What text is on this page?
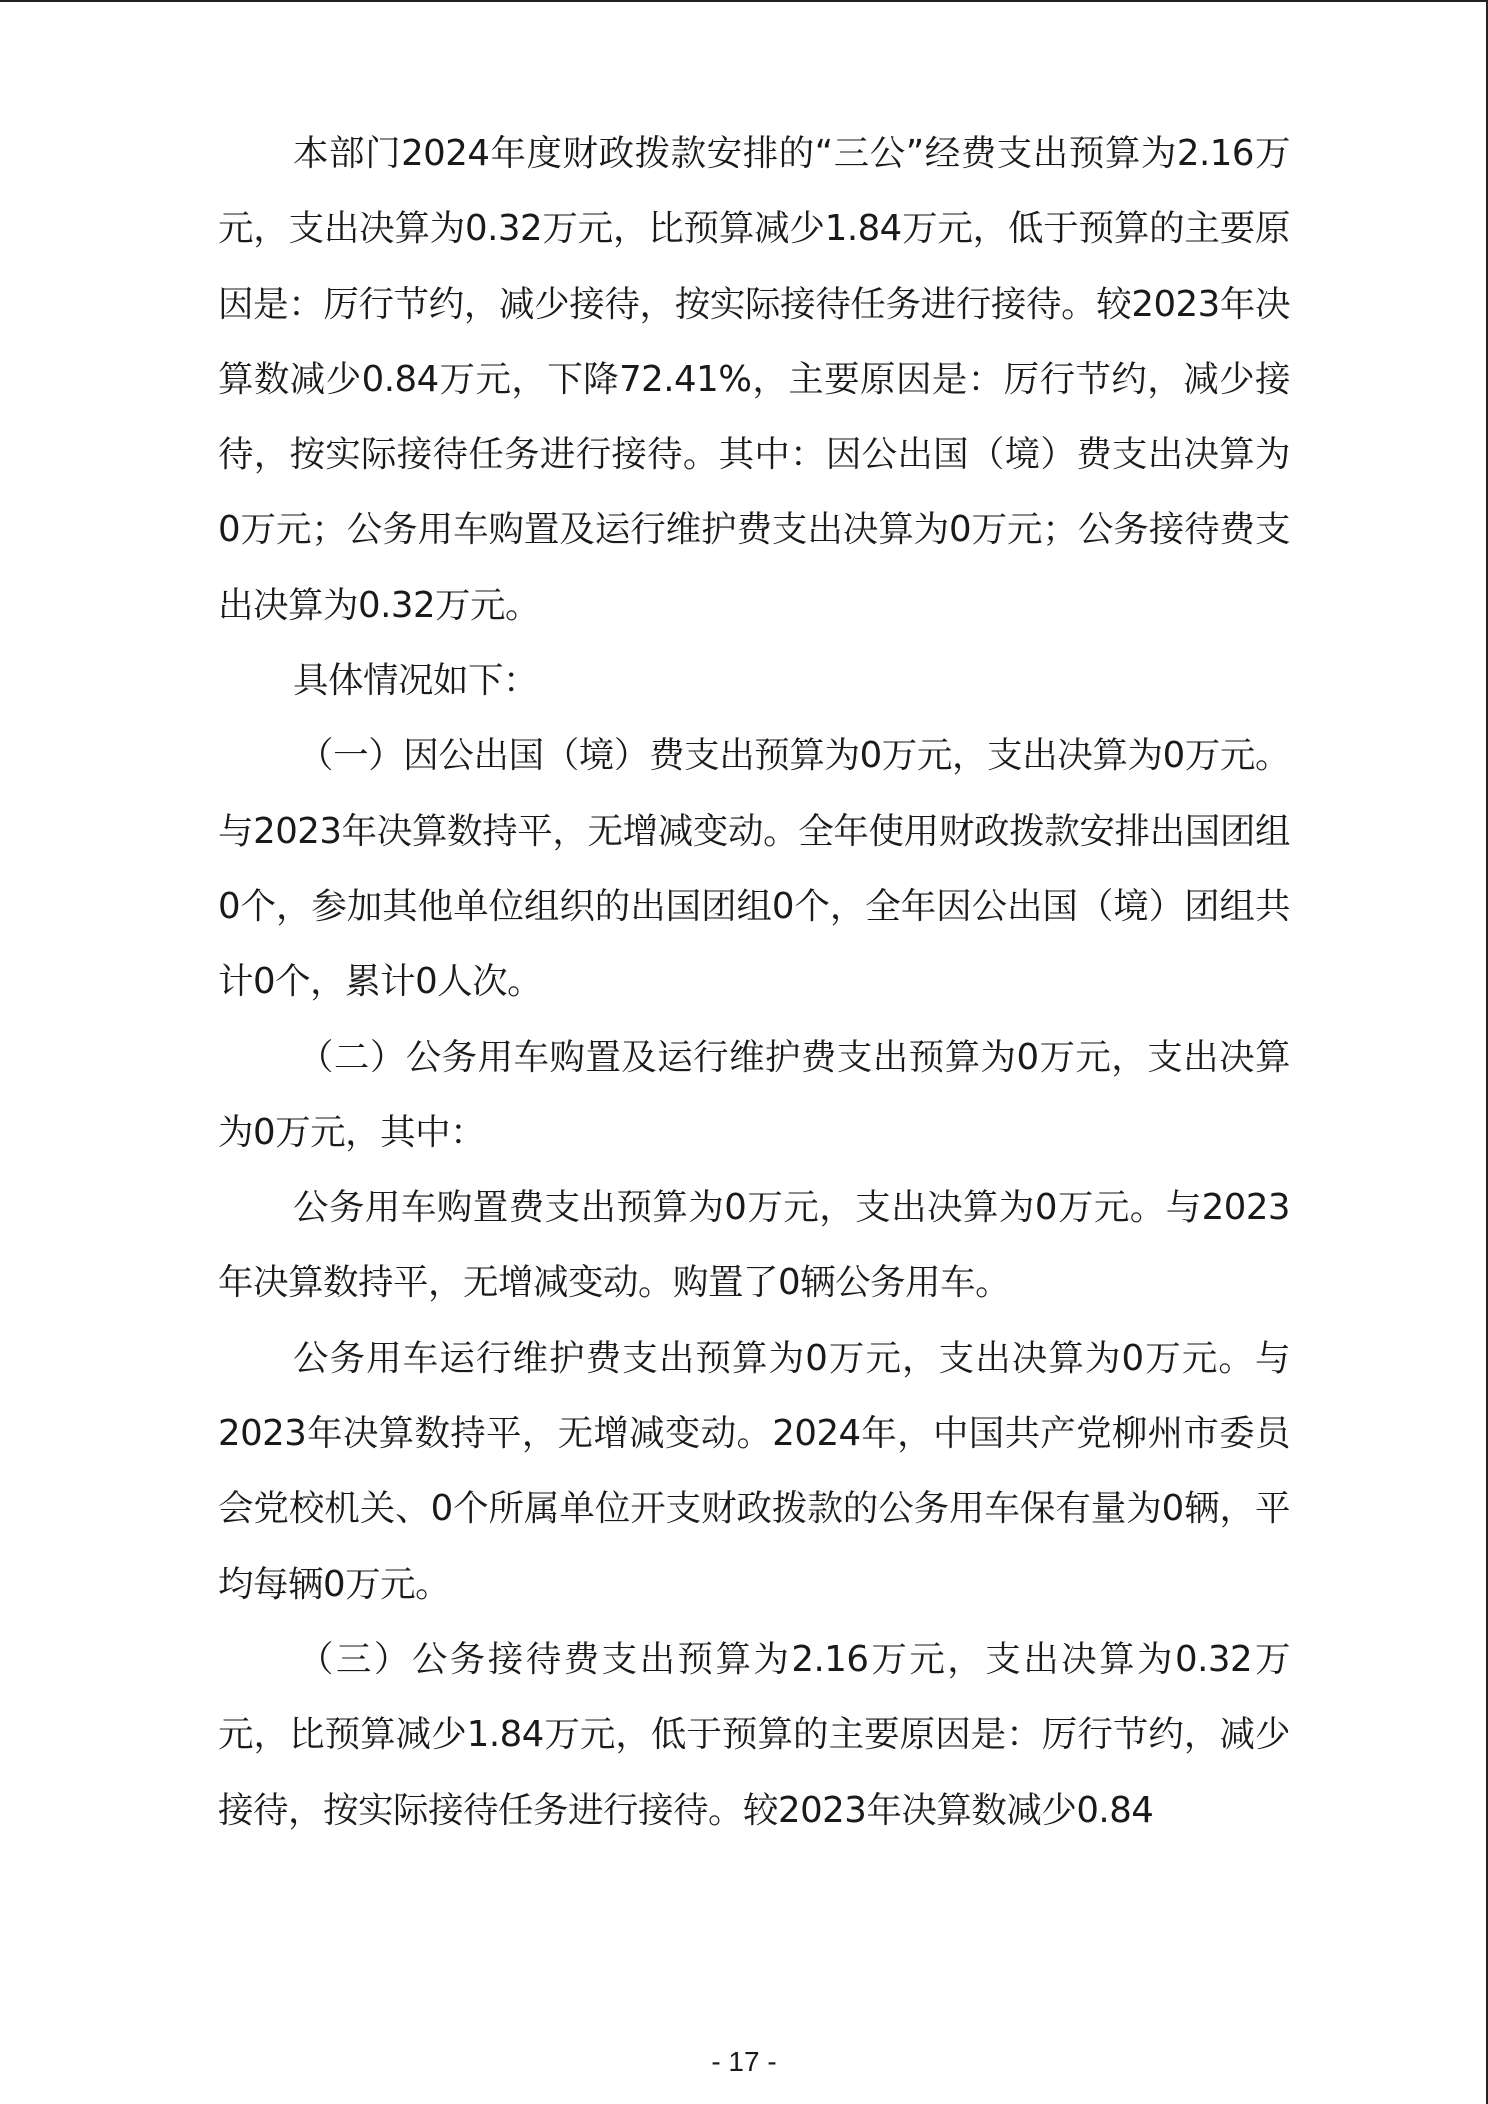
本部门2024年度财政拨款安排的“三公”经费支出预算为2.16万元，支出决算为0.32万元，比预算减少1.84万元，低于预算的主要原因是：厉行节约，减少接待，按实际接待任务进行接待。较2023年决算数减少0.84万元，下降72.41%，主要原因是：厉行节约，减少接待，按实际接待任务进行接待。其中：因公出国（境）费支出决算为0万元；公务用车购置及运行维护费支出决算为0万元；公务接待费支出决算为0.32万元。

具体情况如下：

（一）因公出国（境）费支出预算为0万元，支出决算为0万元。与2023年决算数持平，无增减变动。全年使用财政拨款安排出国团组0个，参加其他单位组织的出国团组0个，全年因公出国（境）团组共计0个，累计0人次。

（二）公务用车购置及运行维护费支出预算为0万元，支出决算为0万元，其中：

公务用车购置费支出预算为0万元，支出决算为0万元。与2023年决算数持平，无增减变动。购置了0辆公务用车。

公务用车运行维护费支出预算为0万元，支出决算为0万元。与2023年决算数持平，无增减变动。2024年，中国共产党柳州市委员会党校机关、0个所属单位开支财政拨款的公务用车保有量为0辆，平均每辆0万元。

（三）公务接待费支出预算为2.16万元，支出决算为0.32万元，比预算减少1.84万元，低于预算的主要原因是：厉行节约，减少接待，按实际接待任务进行接待。较2023年决算数减少0.84

- 17 -
